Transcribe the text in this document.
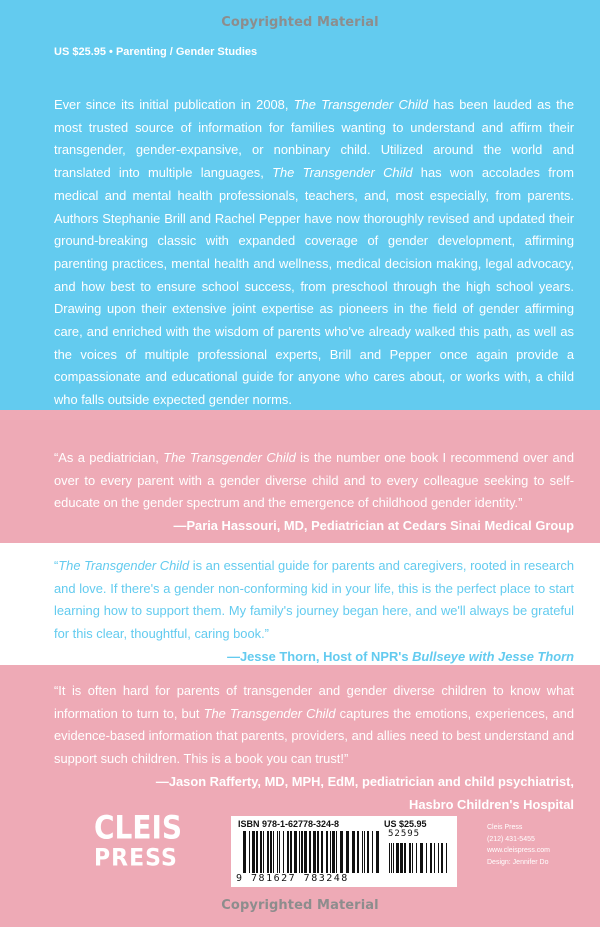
Copyrighted Material
US $25.95 • Parenting / Gender Studies
Ever since its initial publication in 2008, The Transgender Child has been lauded as the most trusted source of information for families wanting to understand and affirm their transgender, gender-expansive, or nonbinary child. Utilized around the world and translated into multiple languages, The Transgender Child has won accolades from medical and mental health professionals, teachers, and, most especially, from parents. Authors Stephanie Brill and Rachel Pepper have now thoroughly revised and updated their ground-breaking classic with expanded coverage of gender development, affirming parenting practices, mental health and wellness, medical decision making, legal advocacy, and how best to ensure school success, from preschool through the high school years. Drawing upon their extensive joint expertise as pioneers in the field of gender affirming care, and enriched with the wisdom of parents who've already walked this path, as well as the voices of multiple professional experts, Brill and Pepper once again provide a compassionate and educational guide for anyone who cares about, or works with, a child who falls outside expected gender norms.
“As a pediatrician, The Transgender Child is the number one book I recommend over and over to every parent with a gender diverse child and to every colleague seeking to self-educate on the gender spectrum and the emergence of childhood gender identity.”
—Paria Hassouri, MD, Pediatrician at Cedars Sinai Medical Group
“The Transgender Child is an essential guide for parents and caregivers, rooted in research and love. If there's a gender non-conforming kid in your life, this is the perfect place to start learning how to support them. My family's journey began here, and we'll always be grateful for this clear, thoughtful, caring book.”
—Jesse Thorn, Host of NPR's Bullseye with Jesse Thorn
“It is often hard for parents of transgender and gender diverse children to know what information to turn to, but The Transgender Child captures the emotions, experiences, and evidence-based information that parents, providers, and allies need to best understand and support such children. This is a book you can trust!”
—Jason Rafferty, MD, MPH, EdM, pediatrician and child psychiatrist,
Hasbro Children's Hospital
CLEIS
PRESS
ISBN 978-1-62778-324-8	US $25.95
9 781627 783248
52595
Cleis Press
(212) 431-5455
www.cleispress.com
Design: Jennifer Do
Copyrighted Material
